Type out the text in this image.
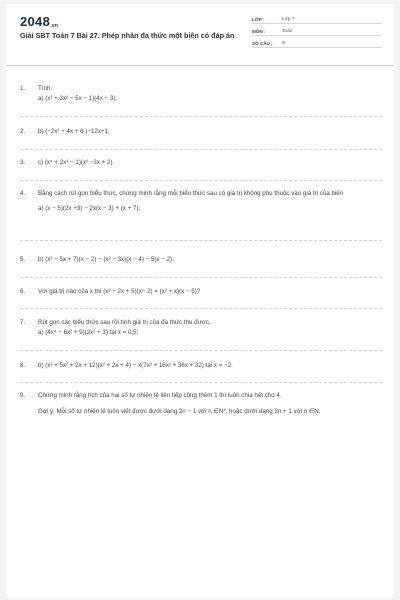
2048.vn
Giải SBT Toán 7 Bài 27. Phép nhân đa thức một biến có đáp án
LỚP :	Lớp 7
MÔN :	Toán
SỐ CÂU :	9
1.	Tính:
a) (x³ + 3x² − 5x − 1)(4x − 3);
2.	b) (−2x² + 4x + 6 )−12x+1;
3.	c) (x⁴ + 2x³ − 1)(x² −3x + 2).
4.	Bằng cách rút gọn biểu thức, chứng minh rằng mỗi biểu thức sau có giá trị không phụ thuộc vào giá trị của biến
a) (x − 5)(2x +3) − 2x(x − 3) + (x + 7);
5.	b) (x² − 5x + 7)(x − 2) − (x² − 3x)(x − 4) − 5(x − 2).
6.	Với giá trị nào của x thì (x² − 2x + 5)(x− 2) = (x² + x)(x − 5)?
7.	Rút gọn các biểu thức sau rồi tính giá trị của đa thức thu được.
a) (4x⁴ − 6x² + 9)(2x² + 3) tại x = 0,5;
8.	b) (x³ + 5x² + 2x + 12)(x² + 2x + 4) − x(7x³ + 16x² + 36x + 32) tại x = −2.
9.	Chứng minh rằng tích của hai số tự nhiên lẻ liên tiếp cộng thêm 1 thì luôn chia hết cho 4.
Gợi ý: Mỗi số tự nhiên lẻ luôn viết được dưới dạng 2n − 1 với n ∈N*, hoặc dưới dạng 2n + 1 với n ∈N.
